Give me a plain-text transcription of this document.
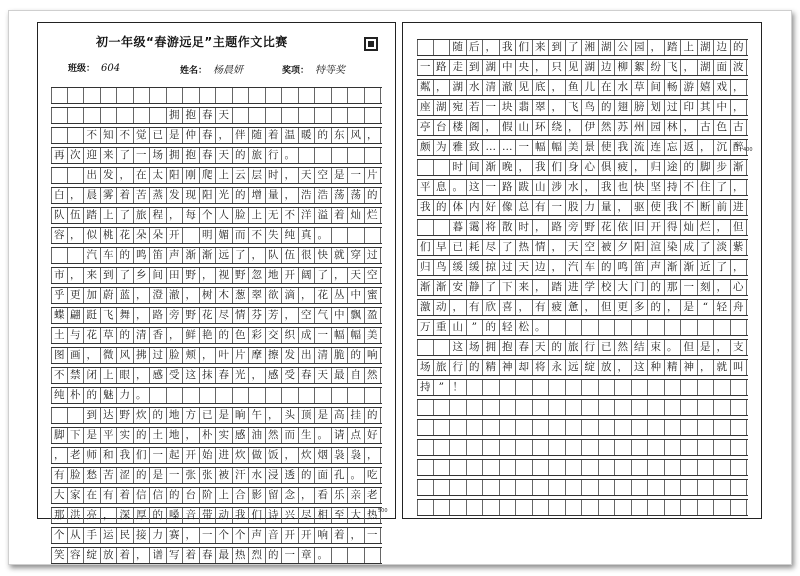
初一年级“春游远足”主题作文比赛
班级： 604	姓名： 杨晨妍	奖项： 特等奖
拥 抱 春 天
不 知 不 觉 已 是 仲 春 ， 伴 随 着 温 暖 的 东 风 ，
再 次 迎 来 了 一 场 拥 抱 春 天 的 旅 行 。
出 发 ， 在 太 阳 刚 爬 上 云 层 时 ， 天 空 是 一 片
白 ， 晨 雾 着 苦 蒸 发 现 阳 光 的 增 量 ， 浩 浩 荡 荡 的
队 伍 踏 上 了 旅 程 ， 每 个 人 脸 上 无 不 洋 溢 着 灿 烂
容 ， 似 桃 花 朵 朵 开	明 媚 而 不 失 纯 真 。
汽 车 的 鸣 笛 声 渐 渐 远 了 ， 队 伍 很 快 就 穿 过
市 ， 来 到 了 乡 间 田 野 ， 视 野 忽 地 开 阔 了 ， 天 空
乎 更 加 蔚 蓝 ， 澄 澈 ， 树 木 葱 翠 欲 滴 ， 花 丛 中 蜜
蝶 翩 跹 飞 舞 ， 路 旁 野 花 尽 情 芬 芳 ， 空 气 中 飘 盈
土 与 花 草 的 清 香 ， 鲜 艳 的 色 彩 交 织 成 一 幅 幅 美
图 画 ， 微 风 拂 过 脸 颊 ， 叶 片 摩 擦 发 出 清 脆 的 响
不 禁 闭 上 眼 ， 感 受 这 抹 春 光 ， 感 受 春 天 最 自 然
纯 朴 的 魅 力 。
到 达 野 炊 的 地 方 已 是 晌 午 ， 头 顶 是 高 挂 的
脚 下 是 平 实 的 土 地 ， 朴 实 感 油 然 而 生 。 请 点 好
， 老 师 和 我 们 一 起 开 始 进 炊 做 饭 ， 炊 烟 袅 袅 ，
有 脸 愁 苦 涩 的 是 一 张 张 被 汗 水 浸 透 的 面 孔 。 吃
大 家 在 有 着 信 信 的 台 阶 上 合 影 留 念 ， 看 乐 亲 老
那 洪 亮 ， 深 厚 的 嗓 音 带 动 我 们 诗 兴 尽 相 至 大 热
个 从 手 运 民 接 力 赛 ， 一 个 个 声 音 开 开 响 着 ， 一
笑 容 绽 放 着 ， 谱 写 着 春 最 热 烈 的 一 章 。
500
随 后 ， 我 们 来 到 了 湘 湖 公 园 ， 踏 上 湖 边 的
一 路 走 到 湖 中 央 ， 只 见 湖 边 柳 絮 纷 飞 ， 湖 面 波
粼 ， 湖 水 清 澈 见 底 ， 鱼 儿 在 水 草 间 畅 游 嬉 戏 ，
座 湖 宛 若 一 块 翡 翠 ， 飞 鸟 的 翅 膀 划 过 印 其 中 ，
亭 台 楼 阁 ， 假 山 环 绕 ， 伊 然 苏 州 园 林 ， 古 色 古
颇 为 雅 致 … … 一 幅 幅 美 景 使 我 流 连 忘 返 ， 沉 醉
时 间 渐 晚 ， 我 们 身 心 俱 疲 ， 归 途 的 脚 步 渐
平 息 。 这 一 路 跋 山 涉 水 ， 我 也 快 坚 持 不 住 了 ，
我 的 体 内 好 像 总 有 一 股 力 量 ， 驱 使 我 不 断 前 进
暮 霭 将 散 时 ， 路 旁 野 花 依 旧 开 得 灿 烂 ， 但
们 早 已 耗 尽 了 热 情 ， 天 空 被 夕 阳 渲 染 成 了 淡 紫
归 鸟 缓 缓 掠 过 天 边 ， 汽 车 的 鸣 笛 声 渐 渐 近 了 ，
渐 渐 安 静 了 下 来 ， 踏 进 学 校 大 门 的 那 一 刻 ， 心
激 动 ， 有 欣 喜 ， 有 疲 惫 ， 但 更 多 的 ， 是 “ 轻 舟
万 重 山 ” 的 轻 松 。
这 场 拥 抱 春 天 的 旅 行 已 然 结 束 。 但 是 ， 支
场 旅 行 的 精 神 却 将 永 远 绽 放 ， 这 种 精 神 ， 就 叫
持 ” ！
400
